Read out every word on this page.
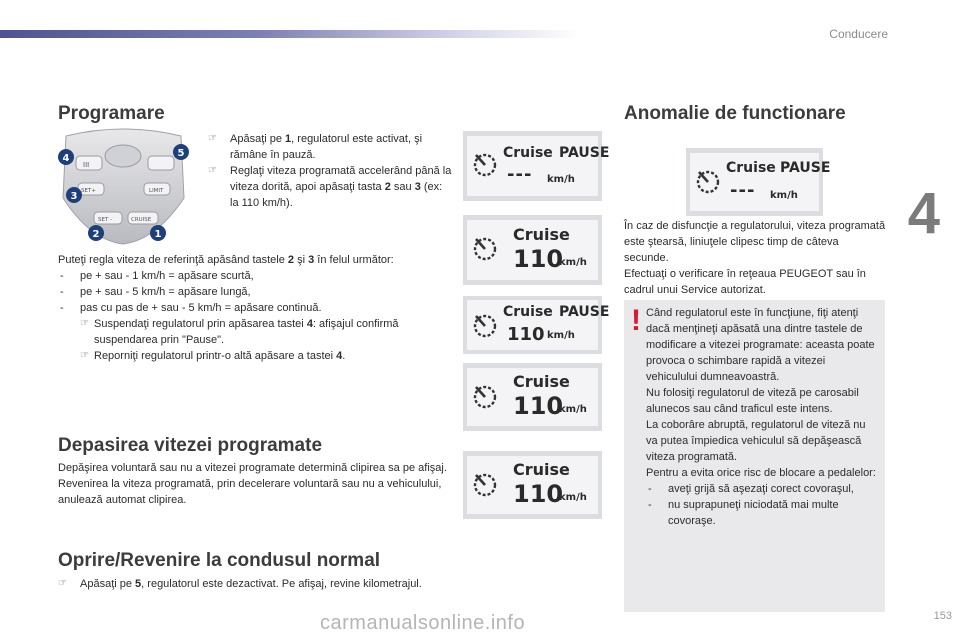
Conducere
4
153
Programare
III
SET+	LIMIT
SET -	CRUISE
4	5
3
2	1

☞ Apăsaţi pe 1, regulatorul este activat, şi rămâne în pauză.

☞ Reglaţi viteza programată accelerând până la viteza dorită, apoi apăsaţi tasta 2 sau 3 (ex: la 110 km/h).

Puteţi regla viteza de referinţă apăsând tastele 2 şi 3 în felul următor:

- pe + sau - 1 km/h = apăsare scurtă,

- pe + sau - 5 km/h = apăsare lungă,

- pas cu pas de + sau - 5 km/h = apăsare continuă.

☞ Suspendaţi regulatorul prin apăsarea tastei 4: afişajul confirmă suspendarea prin "Pause".

☞ Reporniţi regulatorul printr-o altă apăsare a tastei 4.

Depasirea vitezei programate

Depăşirea voluntară sau nu a vitezei programate determină clipirea sa pe afişaj.

Revenirea la viteza programată, prin decelerare voluntară sau nu a vehiculului, anulează automat clipirea.

Oprire/Revenire la condusul normal

☞ Apăsaţi pe 5, regulatorul este dezactivat. Pe afişaj, revine kilometrajul.

Cruise PAUSE
--- km/h
Cruise
110
km/h
Cruise PAUSE
110 km/h
Cruise
110
km/h
Cruise
110
km/h
Anomalie de functionare
Cruise PAUSE
--- km/h

În caz de disfuncţie a regulatorului, viteza programată este ştearsă, liniuţele clipesc timp de câteva secunde.

Efectuaţi o verificare în reţeaua PEUGEOT sau în cadrul unui Service autorizat.

! Când regulatorul este în funcţiune, fiţi atenţi dacă menţineţi apăsată una dintre tastele de modificare a vitezei programate: aceasta poate provoca o schimbare rapidă a vitezei vehiculului dumneavoastră.

Nu folosiţi regulatorul de viteză pe carosabil alunecos sau când traficul este intens.

La coborâre abruptă, regulatorul de viteză nu va putea împiedica vehiculul să depăşească viteza programată.

Pentru a evita orice risc de blocare a pedalelor:

- aveţi grijă să aşezaţi corect covoraşul,

- nu suprapuneţi niciodată mai multe covoraşe.

carmanualsonline.info
